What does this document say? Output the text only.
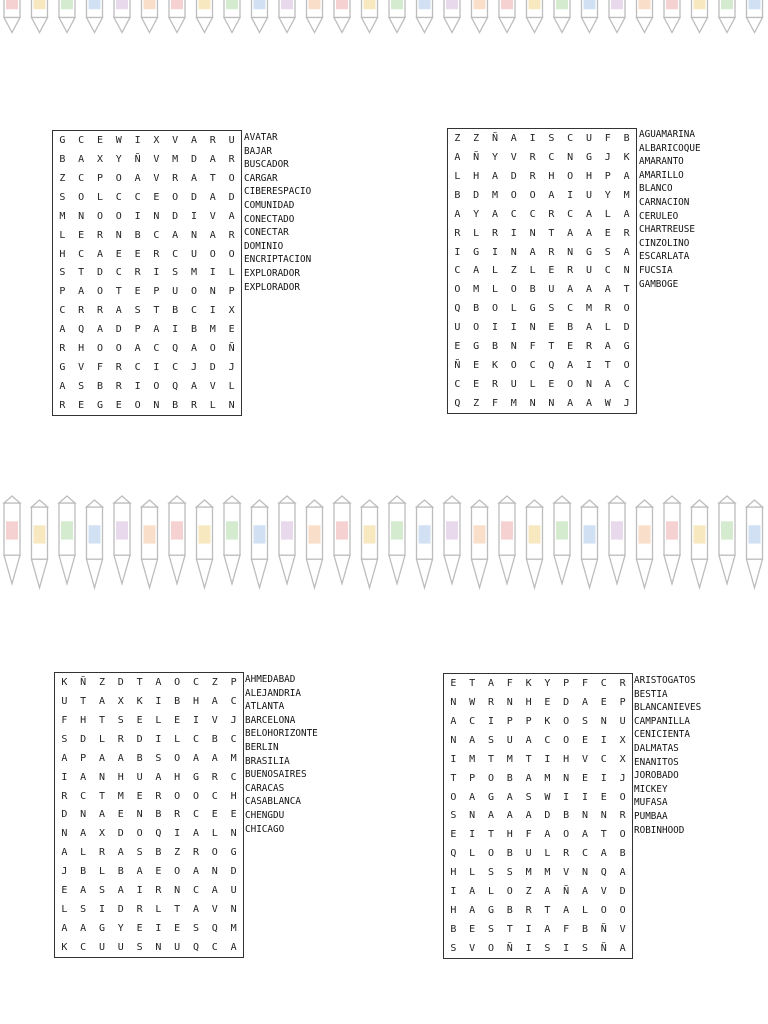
G	C	E	W	I	X	V	A	R	U
B	A	X	Y	Ñ	V	M	D	A	R
Z	C	P	O	A	V	R	A	T	O
S	O	L	C	C	E	O	D	A	D
M	N	O	O	I	N	D	I	V	A
L	E	R	N	B	C	A	N	A	R
H	C	A	E	E	R	C	U	O	O
S	T	D	C	R	I	S	M	I	L
P	A	O	T	E	P	U	O	N	P
C	R	R	A	S	T	B	C	I	X
A	Q	A	D	P	A	I	B	M	E
R	H	O	O	A	C	Q	A	O	Ñ
G	V	F	R	C	I	C	J	D	J
A	S	B	R	I	O	Q	A	V	L
R	E	G	E	O	N	B	R	L	N
AVATAR
BAJAR
BUSCADOR
CARGAR
CIBERESPACIO
COMUNIDAD
CONECTADO
CONECTAR
DOMINIO
ENCRIPTACION
EXPLORADOR
EXPLORADOR
Z	Z	Ñ	A	I	S	C	U	F	B
A	Ñ	Y	V	R	C	N	G	J	K
L	H	A	D	R	H	O	H	P	A
B	D	M	O	O	A	I	U	Y	M
A	Y	A	C	C	R	C	A	L	A
R	L	R	I	N	T	A	A	E	R
I	G	I	N	A	R	N	G	S	A
C	A	L	Z	L	E	R	U	C	N
O	M	L	O	B	U	A	A	A	T
Q	B	O	L	G	S	C	M	R	O
U	O	I	I	N	E	B	A	L	D
E	G	B	N	F	T	E	R	A	G
Ñ	E	K	O	C	Q	A	I	T	O
C	E	R	U	L	E	O	N	A	C
Q	Z	F	M	N	N	A	A	W	J
AGUAMARINA
ALBARICOQUE
AMARANTO
AMARILLO
BLANCO
CARNACION
CERULEO
CHARTREUSE
CINZOLINO
ESCARLATA
FUCSIA
GAMBOGE
K	Ñ	Z	D	T	A	O	C	Z	P
U	T	A	X	K	I	B	H	A	C
F	H	T	S	E	L	E	I	V	J
S	D	L	R	D	I	L	C	B	C
A	P	A	A	B	S	O	A	A	M
I	A	N	H	U	A	H	G	R	C
R	C	T	M	E	R	O	O	C	H
D	N	A	E	N	B	R	C	E	E
N	A	X	D	O	Q	I	A	L	N
A	L	R	A	S	B	Z	R	O	G
J	B	L	B	A	E	O	A	N	D
E	A	S	A	I	R	N	C	A	U
L	S	I	D	R	L	T	A	V	N
A	A	G	Y	E	I	E	S	Q	M
K	C	U	U	S	N	U	Q	C	A
AHMEDABAD
ALEJANDRIA
ATLANTA
BARCELONA
BELOHORIZONTE
BERLIN
BRASILIA
BUENOSAIRES
CARACAS
CASABLANCA
CHENGDU
CHICAGO
E	T	A	F	K	Y	P	F	C	R
N	W	R	N	H	E	D	A	E	P
A	C	I	P	P	K	O	S	N	U
N	A	S	U	A	C	O	E	I	X
I	M	T	M	T	I	H	V	C	X
T	P	O	B	A	M	N	E	I	J
O	A	G	A	S	W	I	I	E	O
S	N	A	A	A	D	B	N	N	R
E	I	T	H	F	A	O	A	T	O
Q	L	O	B	U	L	R	C	A	B
H	L	S	S	M	M	V	N	Q	A
I	A	L	O	Z	A	Ñ	A	V	D
H	A	G	B	R	T	A	L	O	O
B	E	S	T	I	A	F	B	Ñ	V
S	V	O	Ñ	I	S	I	S	Ñ	A
ARISTOGATOS
BESTIA
BLANCANIEVES
CAMPANILLA
CENICIENTA
DALMATAS
ENANITOS
JOROBADO
MICKEY
MUFASA
PUMBAA
ROBINHOOD
